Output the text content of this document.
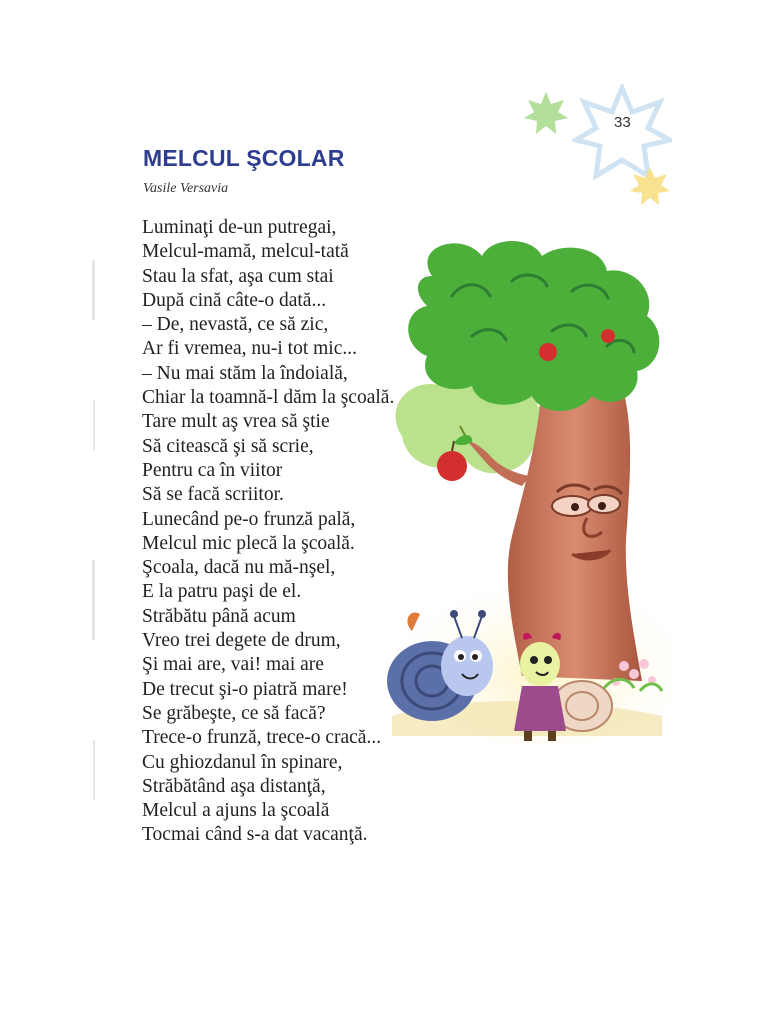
33
MELCUL ŞCOLAR
Vasile Versavia
Luminaţi de-un putregai,
Melcul-mamă, melcul-tată
Stau la sfat, aşa cum stai
După cină câte-o dată...
– De, nevastă, ce să zic,
Ar fi vremea, nu-i tot mic...
– Nu mai stăm la îndoială,
Chiar la toamnă-l dăm la şcoală.
Tare mult aş vrea să ştie
Să citească şi să scrie,
Pentru ca în viitor
Să se facă scriitor.
Lunecând pe-o frunză pală,
Melcul mic plecă la şcoală.
Şcoala, dacă nu mă-nşel,
E la patru paşi de el.
Străbătu până acum
Vreo trei degete de drum,
Şi mai are, vai! mai are
De trecut şi-o piatră mare!
Se grăbeşte, ce să facă?
Trece-o frunză, trece-o cracă...
Cu ghiozdanul în spinare,
Străbătând aşa distanţă,
Melcul a ajuns la şcoală
Tocmai când s-a dat vacanţă.
